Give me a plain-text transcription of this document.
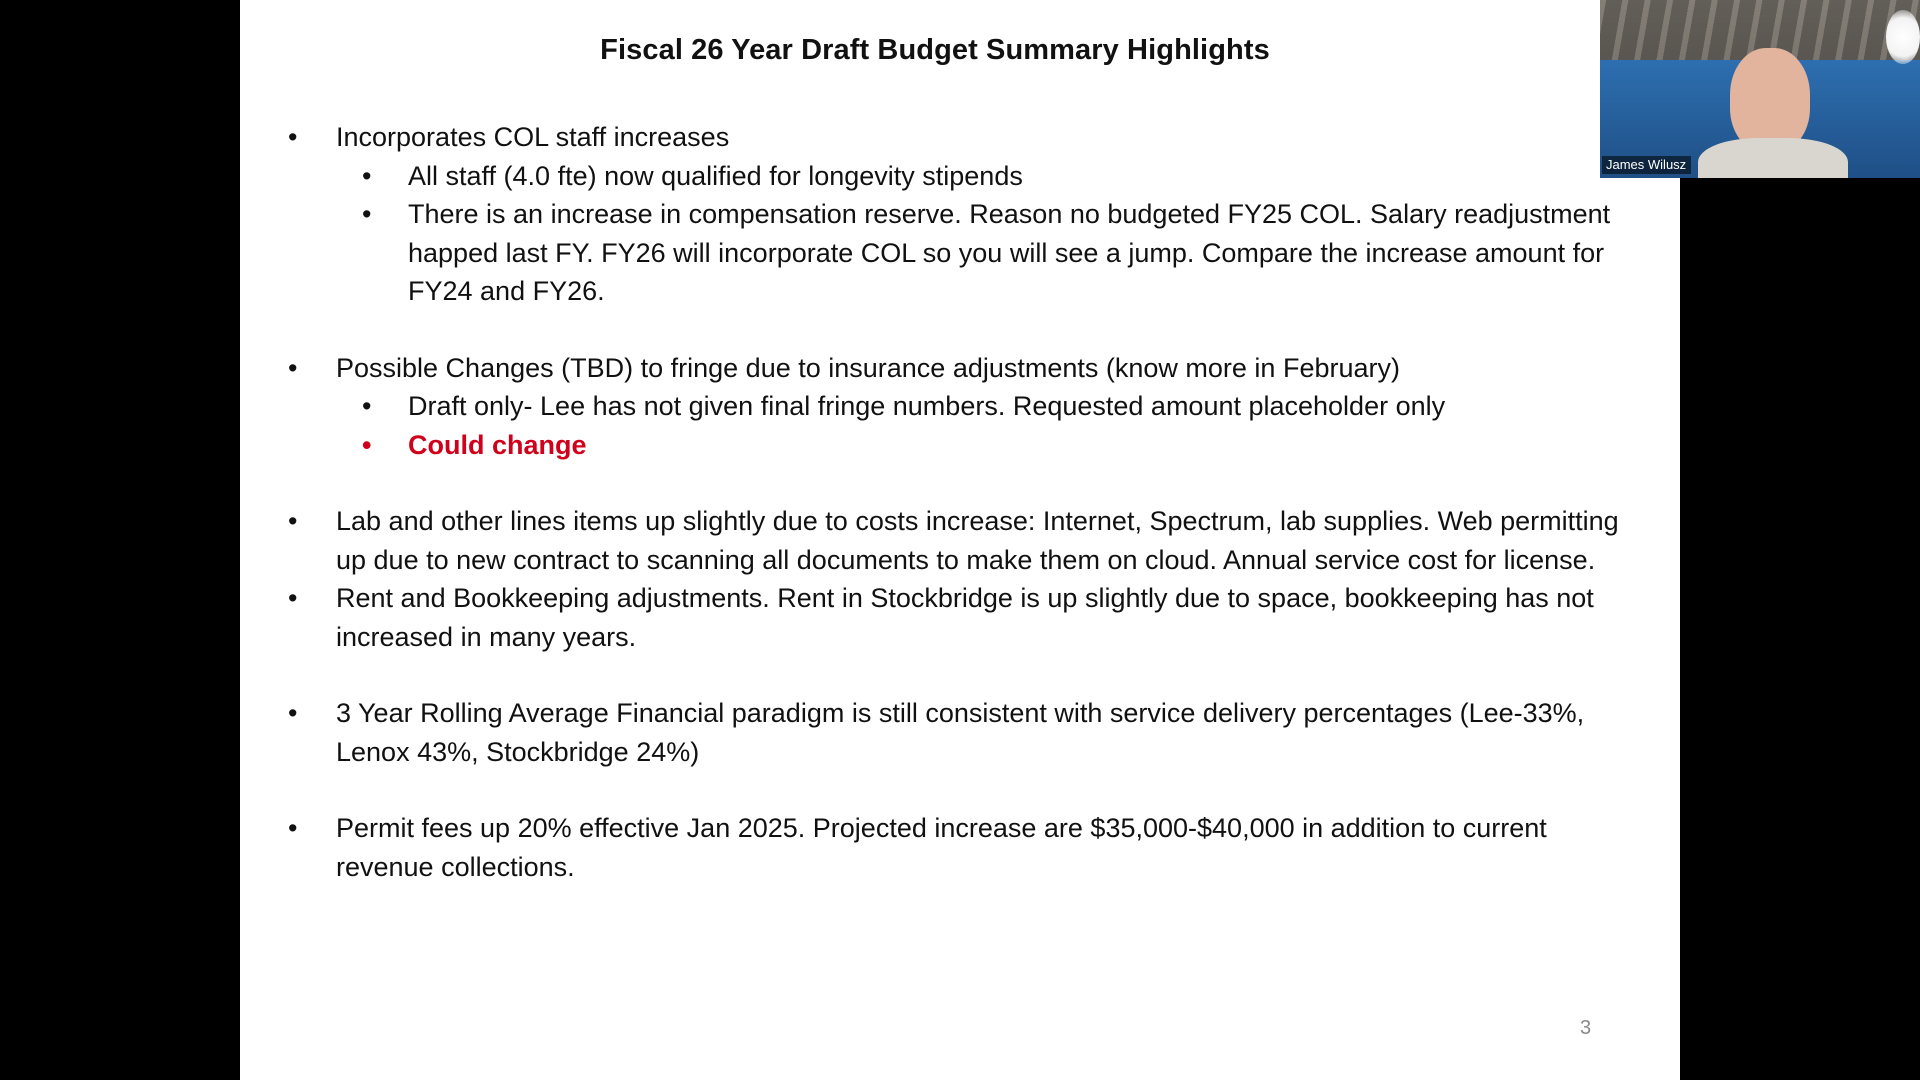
Fiscal 26 Year Draft Budget Summary Highlights
• Incorporates COL staff increases
• All staff (4.0 fte) now qualified for longevity stipends
• There is an increase in compensation reserve. Reason no budgeted FY25 COL. Salary readjustment happed last FY. FY26 will incorporate COL so you will see a jump. Compare the increase amount for FY24 and FY26.
• Possible Changes (TBD) to fringe due to insurance adjustments (know more in February)
• Draft only- Lee has not given final fringe numbers. Requested amount placeholder only
• Could change
• Lab and other lines items up slightly due to costs increase: Internet, Spectrum, lab supplies. Web permitting up due to new contract to scanning all documents to make them on cloud. Annual service cost for license.
• Rent and Bookkeeping adjustments. Rent in Stockbridge is up slightly due to space, bookkeeping has not increased in many years.
• 3 Year Rolling Average Financial paradigm is still consistent with service delivery percentages (Lee-33%, Lenox 43%, Stockbridge 24%)
• Permit fees up 20% effective Jan 2025. Projected increase are $35,000-$40,000 in addition to current revenue collections.
3
James Wilusz
